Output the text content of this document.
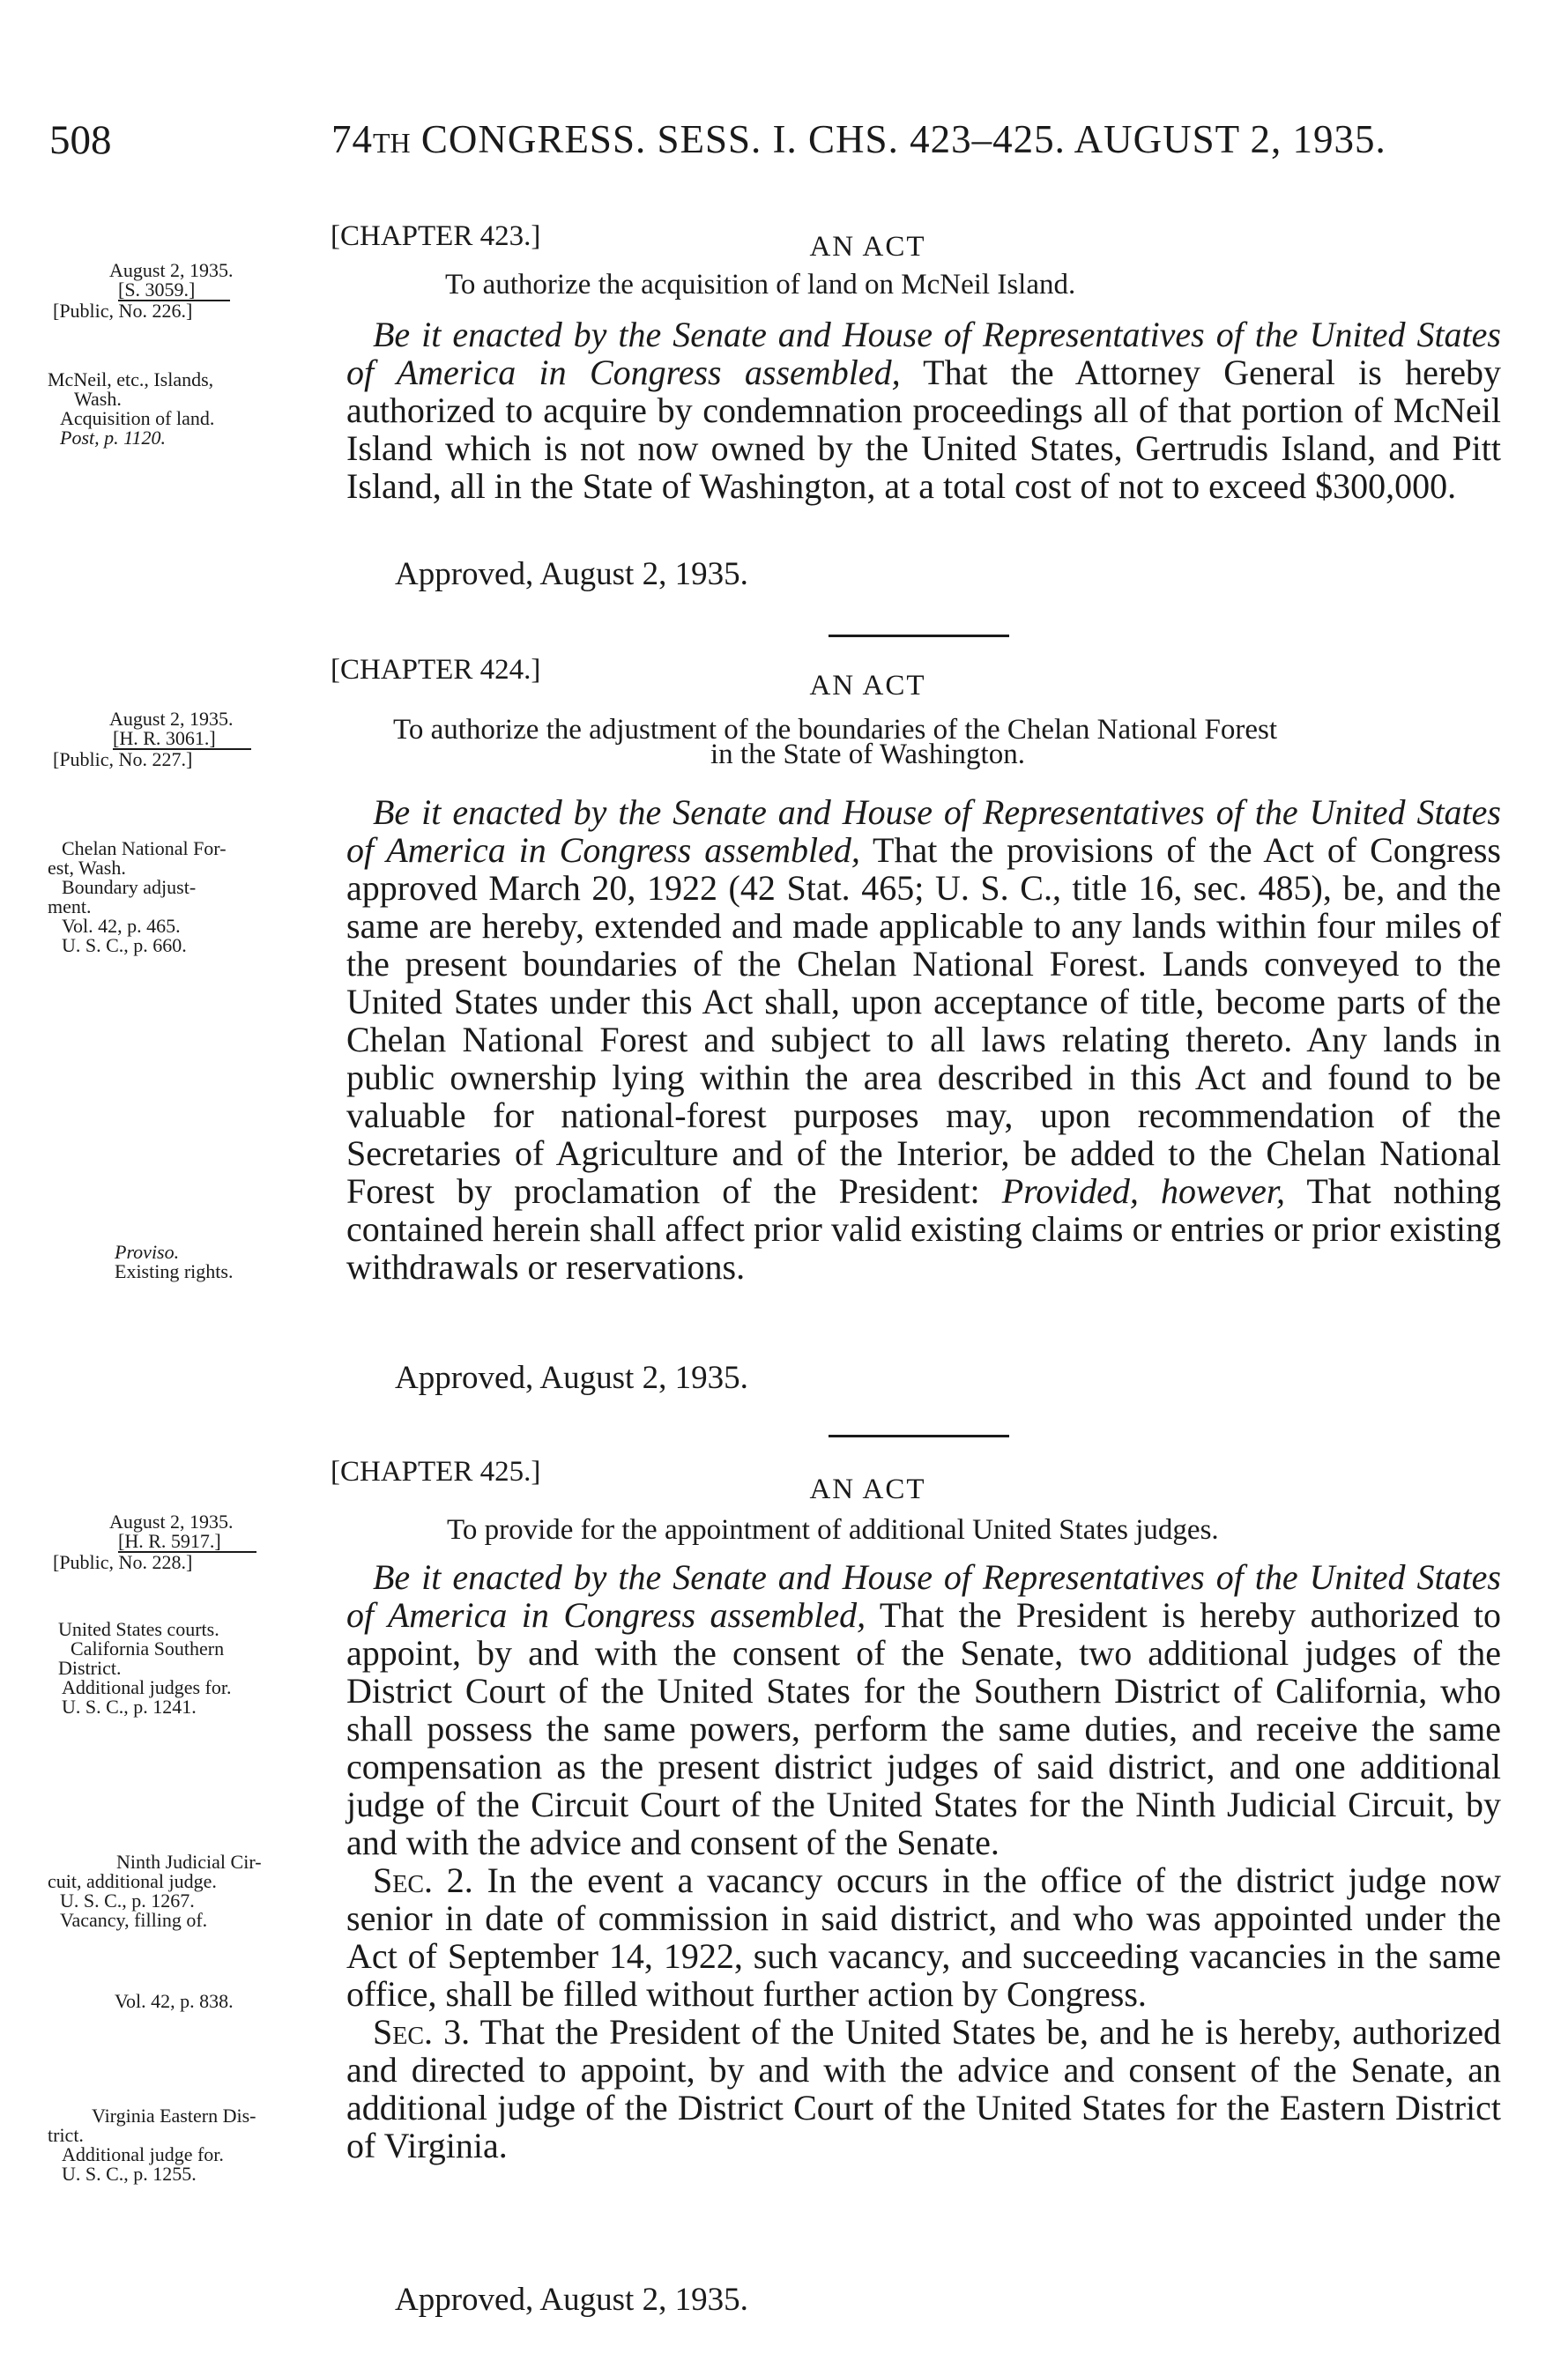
508	74TH CONGRESS. SESS. I. CHS. 423–425. AUGUST 2, 1935.
[CHAPTER 423.]	AN ACT
To authorize the acquisition of land on McNeil Island.
August 2, 1935.
[S. 3059.]
[Public, No. 226.]
McNeil, etc., Islands,
Wash.
Acquisition of land.
Post, p. 1120.

Be it enacted by the Senate and House of Representatives of the United States of America in Congress assembled, That the Attorney General is hereby authorized to acquire by condemnation proceedings all of that portion of McNeil Island which is not now owned by the United States, Gertrudis Island, and Pitt Island, all in the State of Washington, at a total cost of not to exceed $300,000.

Approved, August 2, 1935.
[CHAPTER 424.]	AN ACT
To authorize the adjustment of the boundaries of the Chelan National Forest
in the State of Washington.
August 2, 1935.
[H. R. 3061.]
[Public, No. 227.]
Chelan National For-
est, Wash.
Boundary adjust-
ment.
Vol. 42, p. 465.
U. S. C., p. 660.
Proviso.
Existing rights.

Be it enacted by the Senate and House of Representatives of the United States of America in Congress assembled, That the provisions of the Act of Congress approved March 20, 1922 (42 Stat. 465; U. S. C., title 16, sec. 485), be, and the same are hereby, extended and made applicable to any lands within four miles of the present boundaries of the Chelan National Forest. Lands conveyed to the United States under this Act shall, upon acceptance of title, become parts of the Chelan National Forest and subject to all laws relating thereto. Any lands in public ownership lying within the area described in this Act and found to be valuable for national-forest purposes may, upon recommendation of the Secretaries of Agriculture and of the Interior, be added to the Chelan National Forest by proclamation of the President: Provided, however, That nothing contained herein shall affect prior valid existing claims or entries or prior existing withdrawals or reservations.

Approved, August 2, 1935.
[CHAPTER 425.]
AN ACT
To provide for the appointment of additional United States judges.
August 2, 1935.
[H. R. 5917.]
[Public, No. 228.]
United States courts.
California Southern
District.
Additional judges for.
U. S. C., p. 1241.
Ninth Judicial Cir-
cuit, additional judge.
U. S. C., p. 1267.
Vacancy, filling of.
Vol. 42, p. 838.
Virginia Eastern Dis-
trict.
Additional judge for.
U. S. C., p. 1255.

Be it enacted by the Senate and House of Representatives of the United States of America in Congress assembled, That the President is hereby authorized to appoint, by and with the consent of the Senate, two additional judges of the District Court of the United States for the Southern District of California, who shall possess the same powers, perform the same duties, and receive the same compensation as the present district judges of said district, and one additional judge of the Circuit Court of the United States for the Ninth Judicial Circuit, by and with the advice and consent of the Senate.

Sec. 2. In the event a vacancy occurs in the office of the district judge now senior in date of commission in said district, and who was appointed under the Act of September 14, 1922, such vacancy, and succeeding vacancies in the same office, shall be filled without further action by Congress.

Sec. 3. That the President of the United States be, and he is hereby, authorized and directed to appoint, by and with the advice and consent of the Senate, an additional judge of the District Court of the United States for the Eastern District of Virginia.

Approved, August 2, 1935.
